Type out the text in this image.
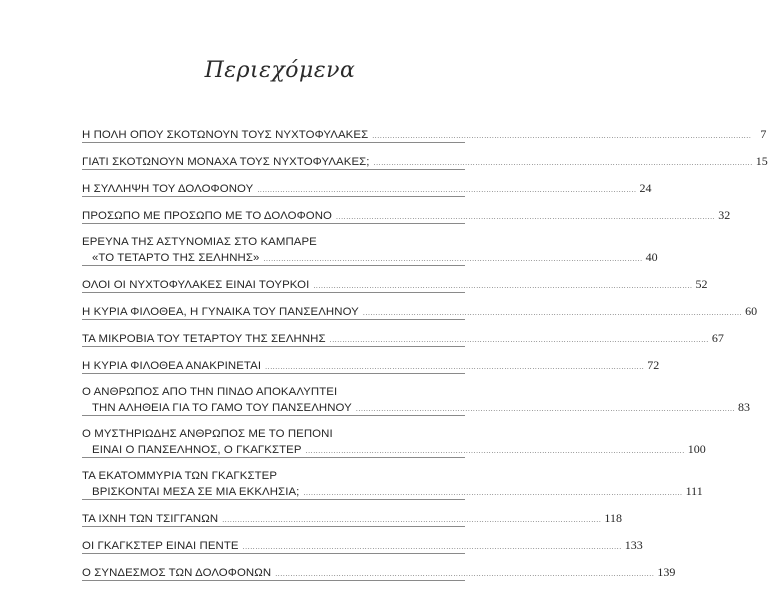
Περιεχόμενα
Η ΠΟΛΗ ΟΠΟΥ ΣΚΟΤΩΝΟΥΝ ΤΟΥΣ ΝΥΧΤΟΦΥΛΑΚΕΣ ..................................................................................................................................................... 7
ΓΙΑΤΙ ΣΚΟΤΩΝΟΥΝ ΜΟΝΑΧΑ ΤΟΥΣ ΝΥΧΤΟΦΥΛΑΚΕΣ; ..................................................................................................................................................... 15
Η ΣΥΛΛΗΨΗ ΤΟΥ ΔΟΛΟΦΟΝΟΥ ..................................................................................................................................................... 24
ΠΡΟΣΩΠΟ ΜΕ ΠΡΟΣΩΠΟ ΜΕ ΤΟ ΔΟΛΟΦΟΝΟ ..................................................................................................................................................... 32
ΕΡΕΥΝΑ ΤΗΣ ΑΣΤΥΝΟΜΙΑΣ ΣΤΟ ΚΑΜΠΑΡΕ
«ΤΟ ΤΕΤΑΡΤΟ ΤΗΣ ΣΕΛΗΝΗΣ» ..................................................................................................................................................... 40
ΟΛΟΙ ΟΙ ΝΥΧΤΟΦΥΛΑΚΕΣ ΕΙΝΑΙ ΤΟΥΡΚΟΙ ..................................................................................................................................................... 52
Η ΚΥΡΙΑ ΦΙΛΟΘΕΑ, Η ΓΥΝΑΙΚΑ ΤΟΥ ΠΑΝΣΕΛΗΝΟΥ ..................................................................................................................................................... 60
ΤΑ ΜΙΚΡΟΒΙΑ ΤΟΥ ΤΕΤΑΡΤΟΥ ΤΗΣ ΣΕΛΗΝΗΣ ..................................................................................................................................................... 67
Η ΚΥΡΙΑ ΦΙΛΟΘΕΑ ΑΝΑΚΡΙΝΕΤΑΙ ..................................................................................................................................................... 72
Ο ΑΝΘΡΩΠΟΣ ΑΠΟ ΤΗΝ ΠΙΝΔΟ ΑΠΟΚΑΛΥΠΤΕΙ
ΤΗΝ ΑΛΗΘΕΙΑ ΓΙΑ ΤΟ ΓΑΜΟ ΤΟΥ ΠΑΝΣΕΛΗΝΟΥ ..................................................................................................................................................... 83
Ο ΜΥΣΤΗΡΙΩΔΗΣ ΑΝΘΡΩΠΟΣ ΜΕ ΤΟ ΠΕΠΟΝΙ
ΕΙΝΑΙ Ο ΠΑΝΣΕΛΗΝΟΣ, Ο ΓΚΑΓΚΣΤΕΡ ..................................................................................................................................................... 100
ΤΑ ΕΚΑΤΟΜΜΥΡΙΑ ΤΩΝ ΓΚΑΓΚΣΤΕΡ
ΒΡΙΣΚΟΝΤΑΙ ΜΕΣΑ ΣΕ ΜΙΑ ΕΚΚΛΗΣΙΑ; ..................................................................................................................................................... 111
ΤΑ ΙΧΝΗ ΤΩΝ ΤΣΙΓΓΑΝΩΝ ..................................................................................................................................................... 118
ΟΙ ΓΚΑΓΚΣΤΕΡ ΕΙΝΑΙ ΠΕΝΤΕ ..................................................................................................................................................... 133
Ο ΣΥΝΔΕΣΜΟΣ ΤΩΝ ΔΟΛΟΦΟΝΩΝ ..................................................................................................................................................... 139
